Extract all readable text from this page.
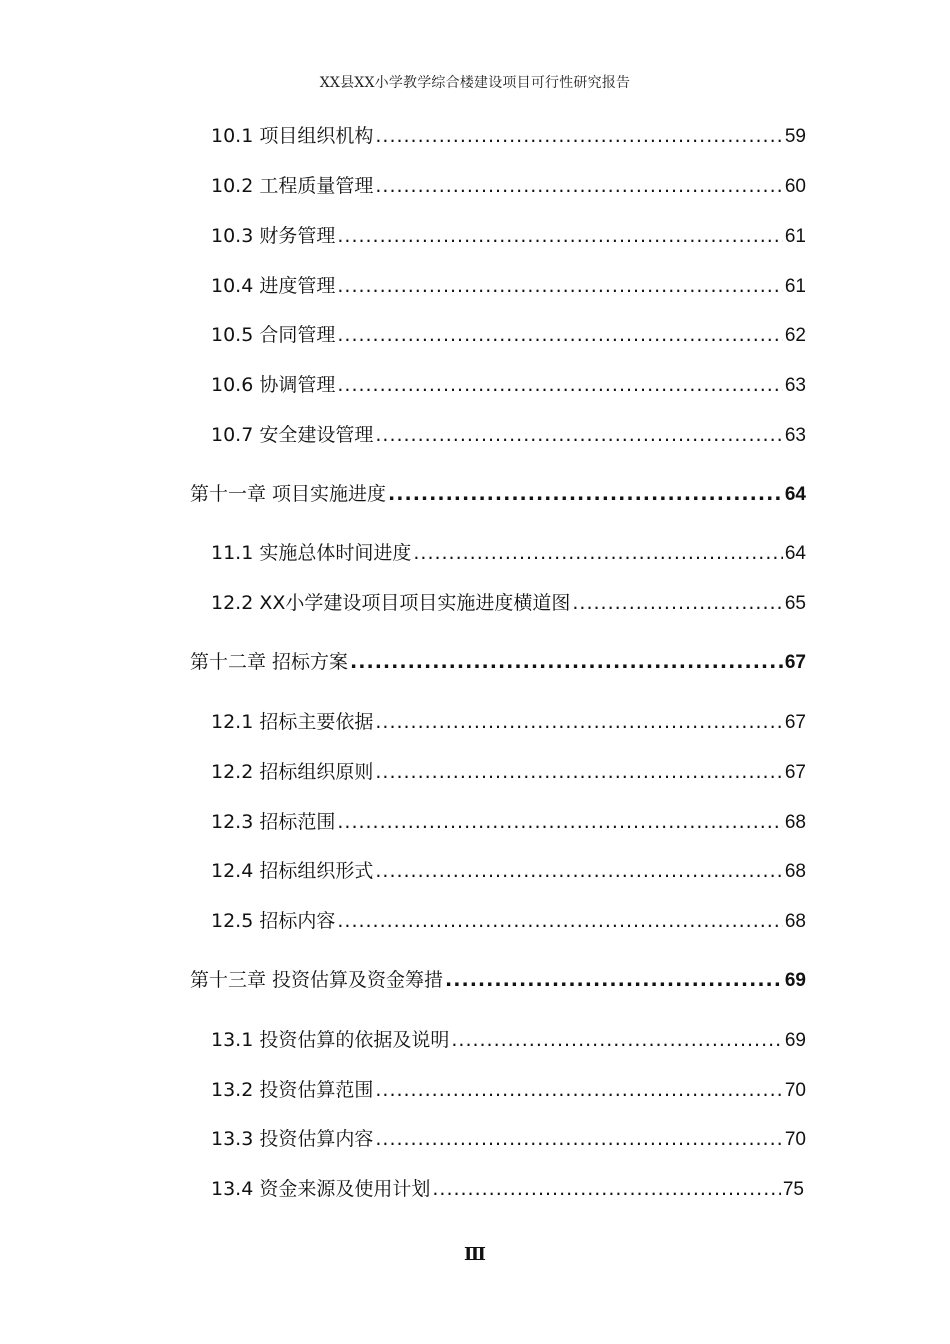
XX县XX小学教学综合楼建设项目可行性研究报告
10.1 项目组织机构 .....	59
10.2 工程质量管理 .....	60
10.3 财务管理 .....	61
10.4 进度管理 .....	61
10.5 合同管理 .....	62
10.6 协调管理 .....	63
10.7 安全建设管理 .....	63
第十一章 项目实施进度 .....	64
11.1 实施总体时间进度 .....	64
12.2 XX小学建设项目项目实施进度横道图 .....	65
第十二章 招标方案 .....	67
12.1 招标主要依据 .....	67
12.2 招标组织原则 .....	67
12.3 招标范围 .....	68
12.4 招标组织形式 .....	68
12.5 招标内容 .....	68
第十三章 投资估算及资金筹措 .....	69
13.1 投资估算的依据及说明 .....	69
13.2 投资估算范围 .....	70
13.3 投资估算内容 .....	70
13.4 资金来源及使用计划 .....	75
Ⅲ
